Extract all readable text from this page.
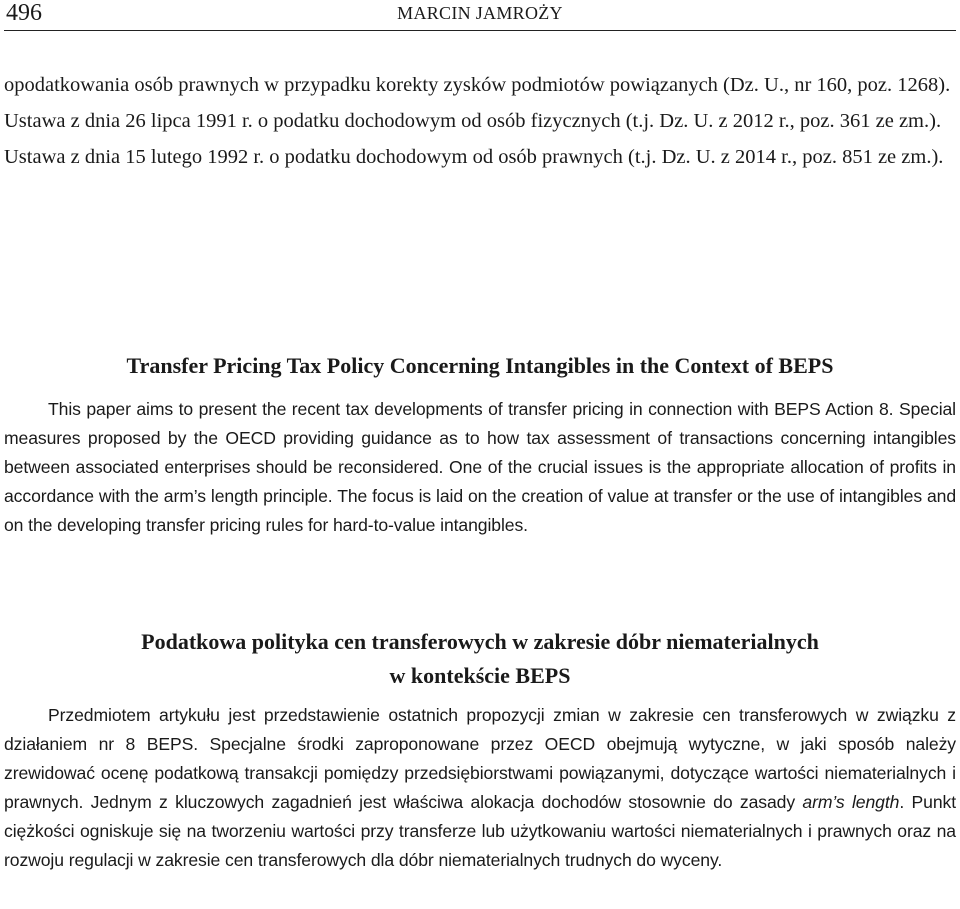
496	MARCIN JAMROŻY

opodatkowania osób prawnych w przypadku korekty zysków podmiotów powiązanych (Dz. U., nr 160, poz. 1268).

Ustawa z dnia 26 lipca 1991 r. o podatku dochodowym od osób fizycznych (t.j. Dz. U. z 2012 r., poz. 361 ze zm.).

Ustawa z dnia 15 lutego 1992 r. o podatku dochodowym od osób prawnych (t.j. Dz. U. z 2014 r., poz. 851 ze zm.).

Transfer Pricing Tax Policy Concerning Intangibles in the Context of BEPS

This paper aims to present the recent tax developments of transfer pricing in connection with BEPS Action 8. Special measures proposed by the OECD providing guidance as to how tax assessment of transactions concerning intangibles between associated enterprises should be reconsidered. One of the crucial issues is the appropriate allocation of profits in accordance with the arm’s length principle. The focus is laid on the creation of value at transfer or the use of intangibles and on the developing transfer pricing rules for hard-to-value intangibles.

Podatkowa polityka cen transferowych w zakresie dóbr niematerialnych
w kontekście BEPS

Przedmiotem artykułu jest przedstawienie ostatnich propozycji zmian w zakresie cen transferowych w związku z działaniem nr 8 BEPS. Specjalne środki zaproponowane przez OECD obejmują wytyczne, w jaki sposób należy zrewidować ocenę podatkową transakcji pomiędzy przedsiębiorstwami powiązanymi, dotyczące wartości niematerialnych i prawnych. Jednym z kluczowych zagadnień jest właściwa alokacja dochodów stosownie do zasady arm’s length. Punkt ciężkości ogniskuje się na tworzeniu wartości przy transferze lub użytkowaniu wartości niematerialnych i prawnych oraz na rozwoju regulacji w zakresie cen transferowych dla dóbr niematerialnych trudnych do wyceny.
